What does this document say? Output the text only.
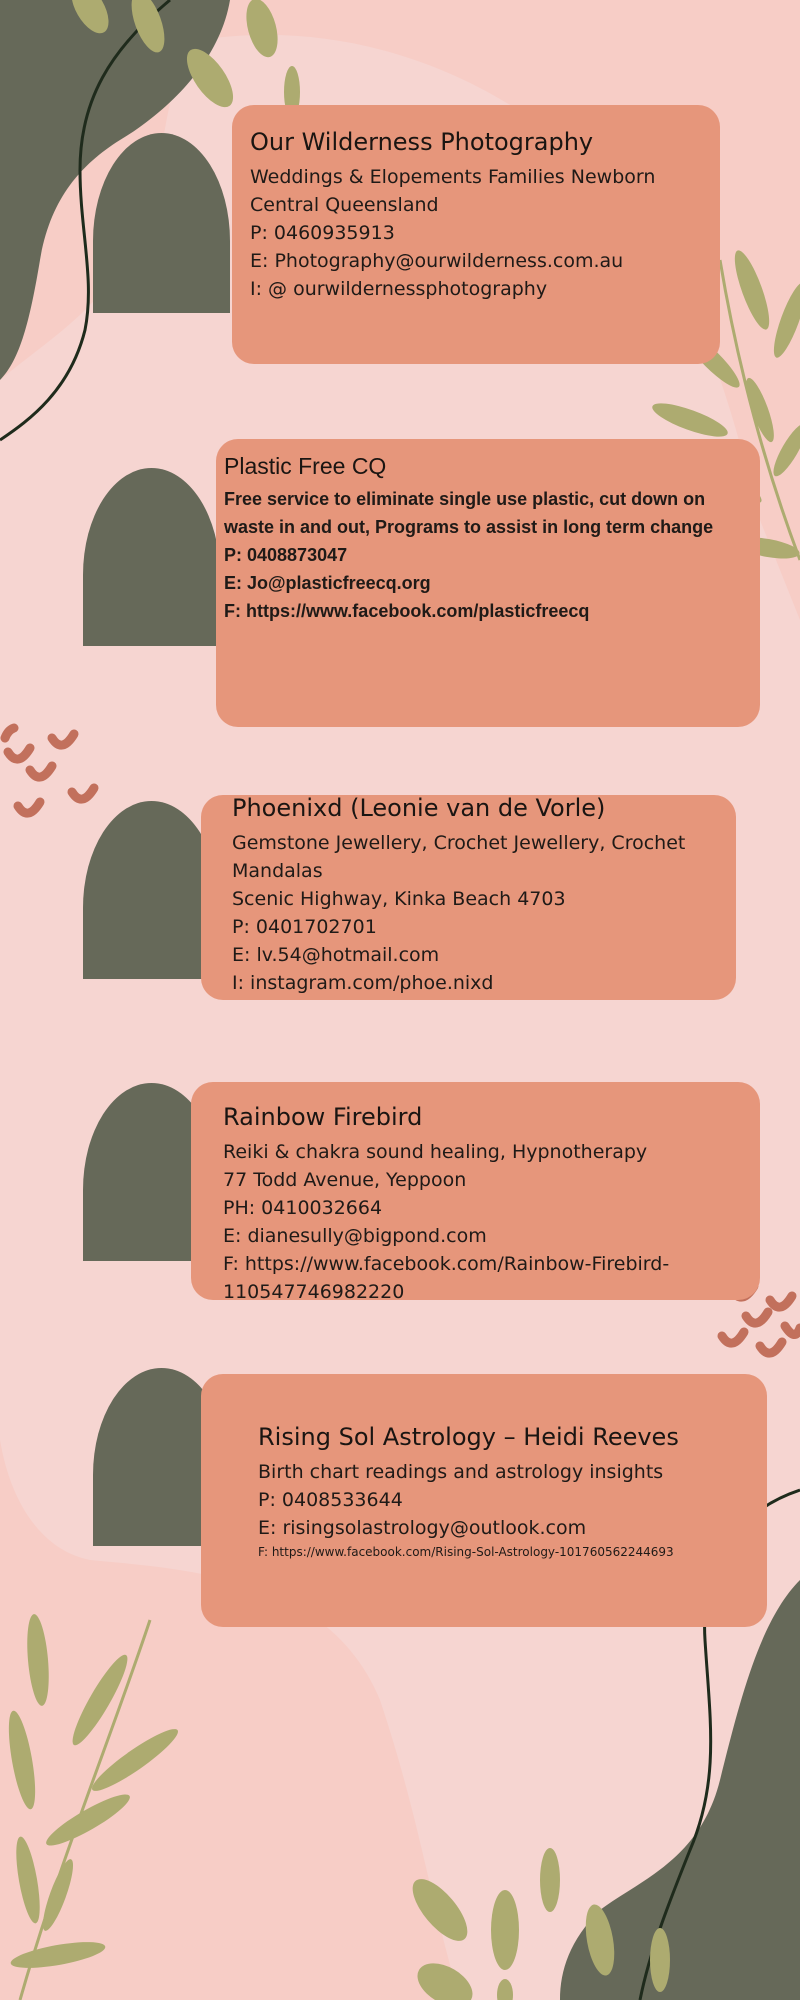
Our Wilderness Photography
Weddings & Elopements Families Newborn
Central Queensland
P: 0460935913
E: Photography@ourwilderness.com.au
I: @ ourwildernessphotography
Plastic Free CQ
Free service to eliminate single use plastic, cut down on
waste in and out, Programs to assist in long term change
P: 0408873047
E: Jo@plasticfreecq.org
F: https://www.facebook.com/plasticfreecq
Phoenixd (Leonie van de Vorle)
Gemstone Jewellery, Crochet Jewellery, Crochet
Mandalas
Scenic Highway, Kinka Beach 4703
P: 0401702701
E: lv.54@hotmail.com
I: instagram.com/phoe.nixd
Rainbow Firebird
Reiki & chakra sound healing, Hypnotherapy
77 Todd Avenue, Yeppoon
PH: 0410032664
E: dianesully@bigpond.com
F: https://www.facebook.com/Rainbow-Firebird-
110547746982220
Rising Sol Astrology – Heidi Reeves
Birth chart readings and astrology insights
P: 0408533644
E: risingsolastrology@outlook.com
F: https://www.facebook.com/Rising-Sol-Astrology-101760562244693
